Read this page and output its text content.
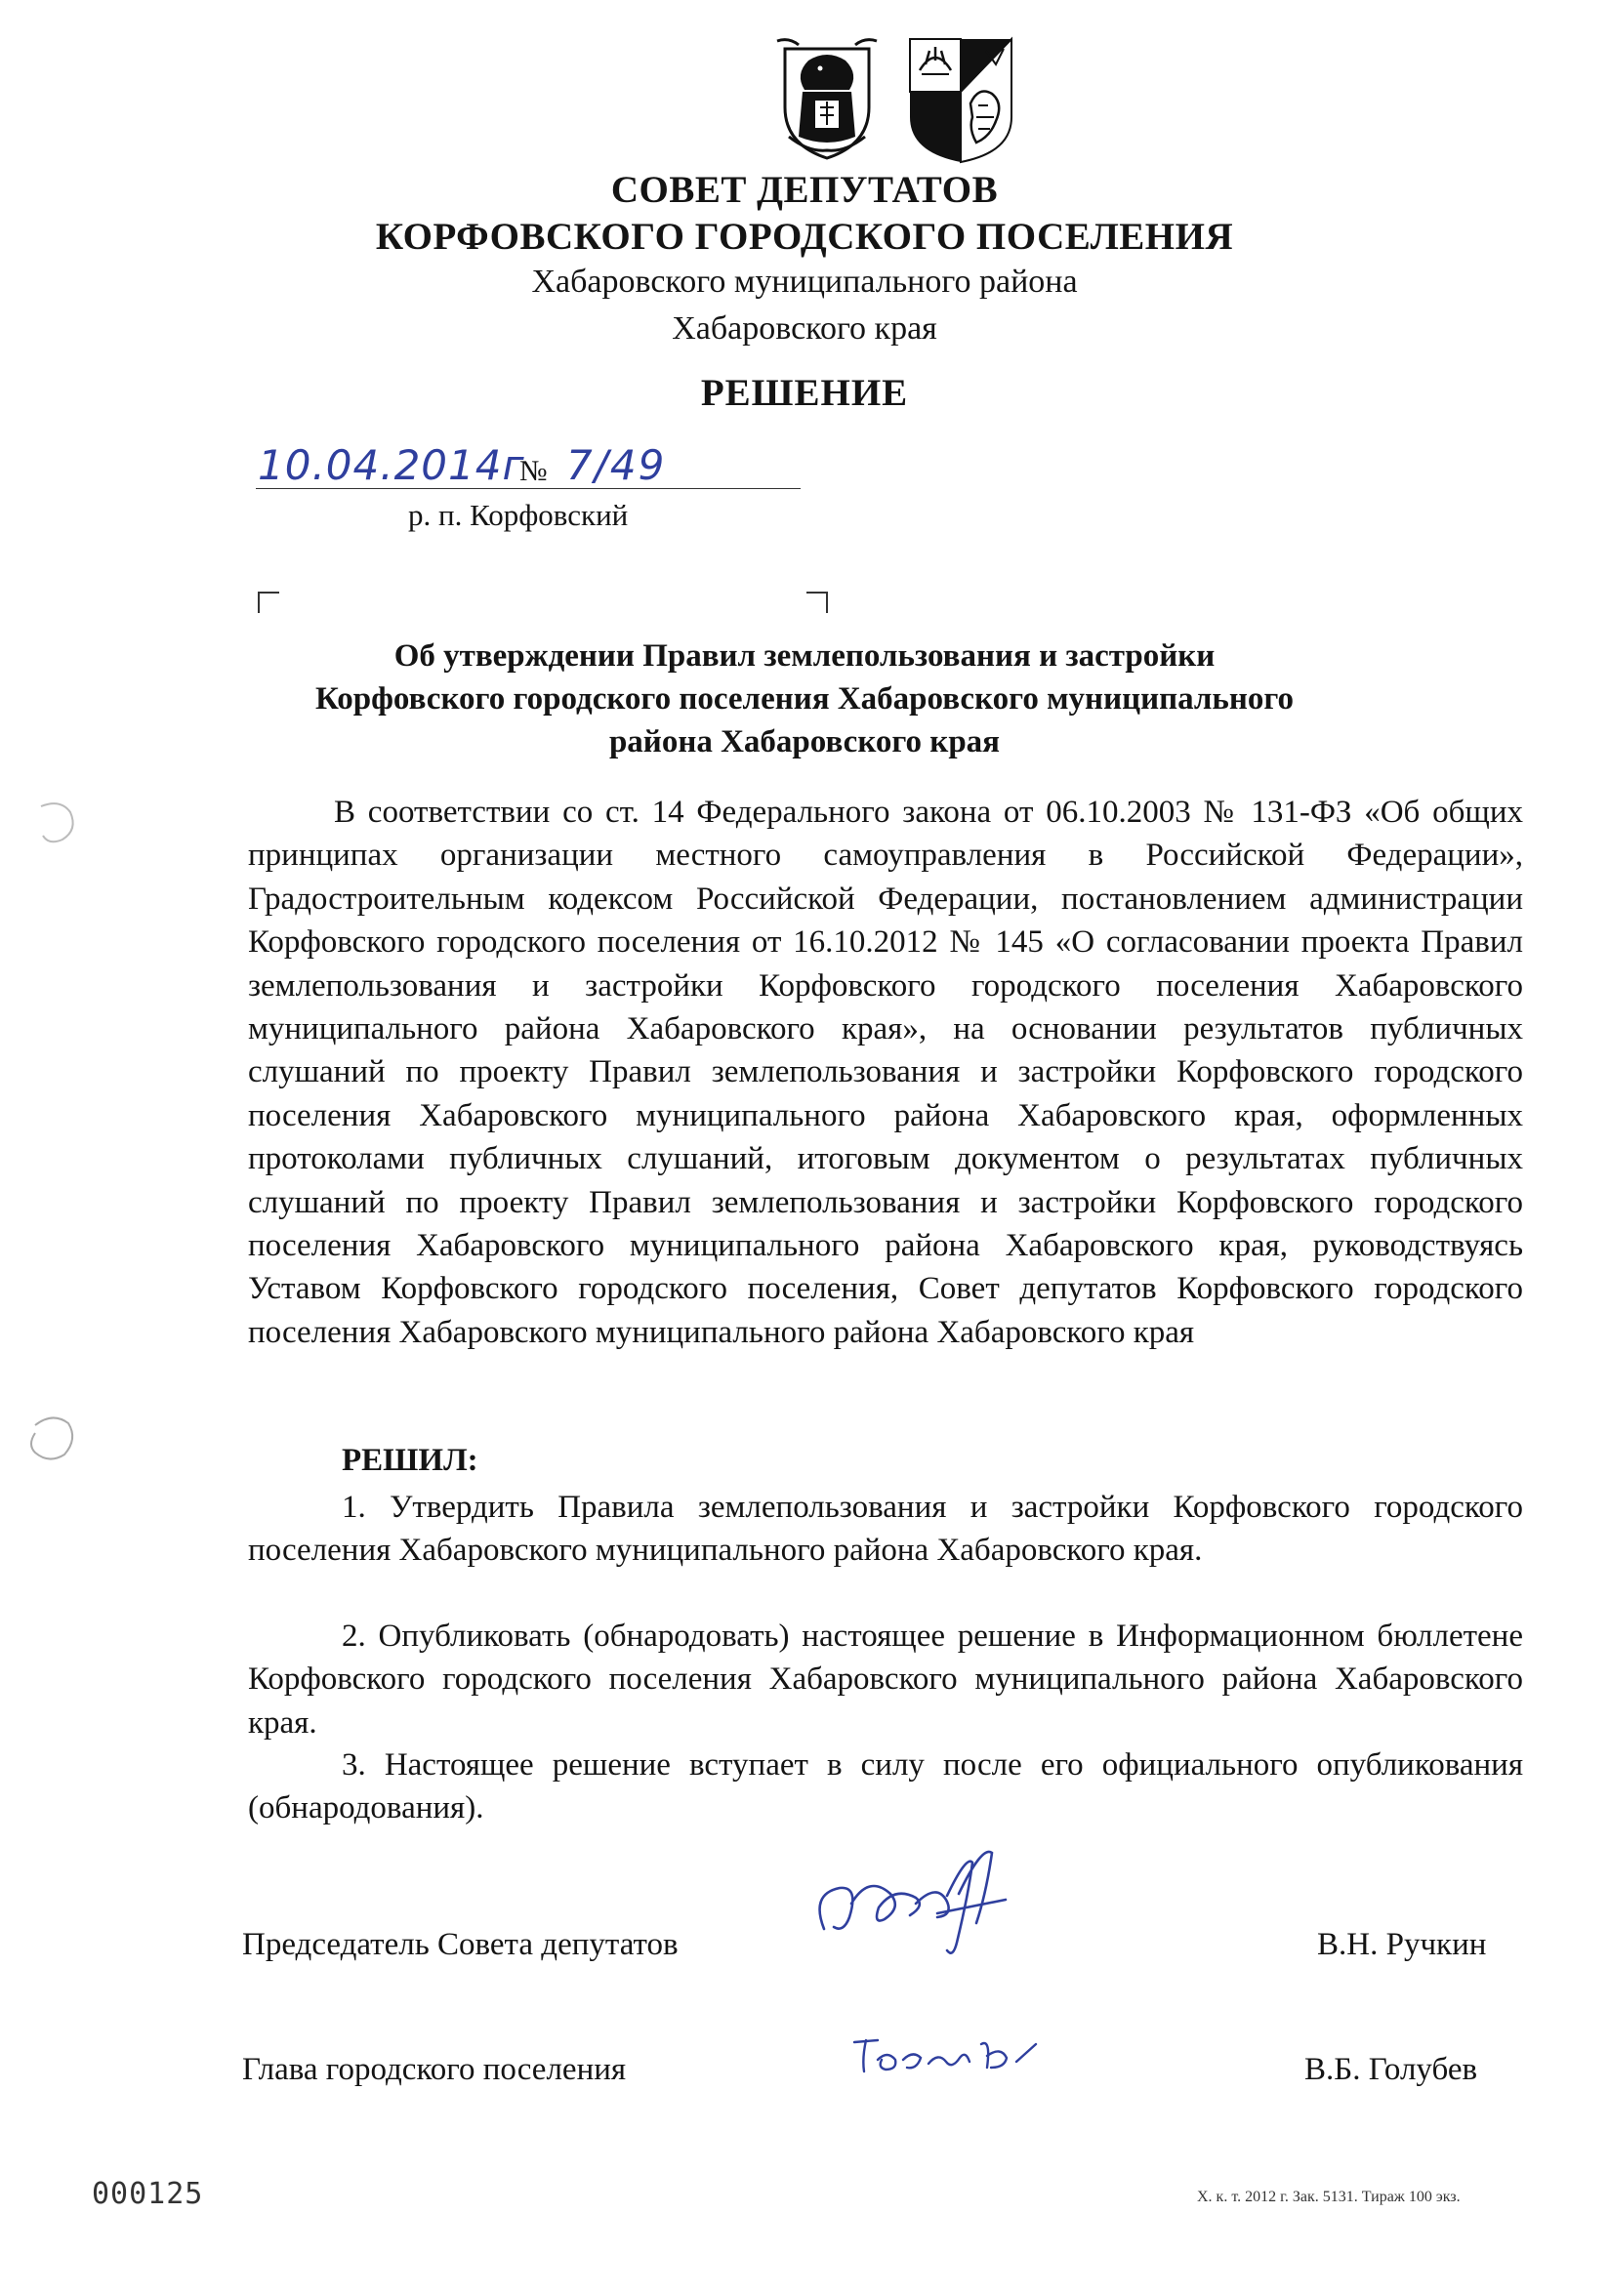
СОВЕТ ДЕПУТАТОВ
КОРФОВСКОГО ГОРОДСКОГО ПОСЕЛЕНИЯ
Хабаровского муниципального района
Хабаровского края
РЕШЕНИЕ
10.04.2014г
№ 7/49
р. п. Корфовский
Об утверждении Правил землепользования и застройки
Корфовского городского поселения Хабаровского муниципального
района Хабаровского края
В соответствии со ст. 14 Федерального закона от 06.10.2003 № 131-ФЗ «Об общих принципах организации местного самоуправления в Российской Федерации», Градостроительным кодексом Российской Федерации, постановлением администрации Корфовского городского поселения от 16.10.2012 № 145 «О согласовании проекта Правил землепользования и застройки Корфовского городского поселения Хабаровского муниципального района Хабаровского края», на основании результатов публичных слушаний по проекту Правил землепользования и застройки Корфовского городского поселения Хабаровского муниципального района Хабаровского края, оформленных протоколами публичных слушаний, итоговым документом о результатах публичных слушаний по проекту Правил землепользования и застройки Корфовского городского поселения Хабаровского муниципального района Хабаровского края, руководствуясь Уставом Корфовского городского поселения, Совет депутатов Корфовского городского поселения Хабаровского муниципального района Хабаровского края
РЕШИЛ:
1. Утвердить Правила землепользования и застройки Корфовского городского поселения Хабаровского муниципального района Хабаровского края.
2. Опубликовать (обнародовать) настоящее решение в Информационном бюллетене Корфовского городского поселения Хабаровского муниципального района Хабаровского края.
3. Настоящее решение вступает в силу после его официального опубликования (обнародования).
Председатель Совета депутатов	В.Н. Ручкин
Глава городского поселения	В.Б. Голубев
000125	Х. к. т. 2012 г. Зак. 5131. Тираж 100 экз.
